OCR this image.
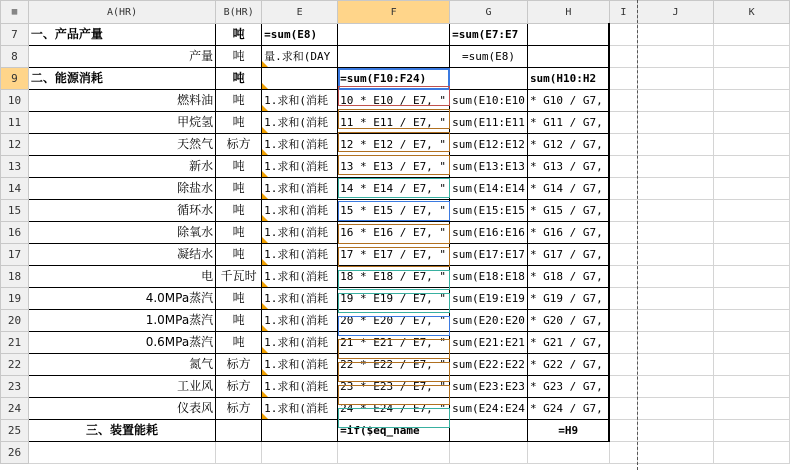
▦	A(HR)	B(HR)	E	F	G	H	I	J	K
7	一、产品产量	吨	=sum(E8)		=sum(E7:E7				
8	产量	吨	量.求和(DAY		=sum(E8)				
9	二、能源消耗	吨		=sum(F10:F24)		sum(H10:H2			
10	燃料油	吨	1.求和(消耗	10 * E10 / E7, "	sum(E10:E10	* G10 / G7,			
11	甲烷氢	吨	1.求和(消耗	11 * E11 / E7, "	sum(E11:E11	* G11 / G7,			
12	天然气	标方	1.求和(消耗	12 * E12 / E7, "	sum(E12:E12	* G12 / G7,			
13	新水	吨	1.求和(消耗	13 * E13 / E7, "	sum(E13:E13	* G13 / G7,			
14	除盐水	吨	1.求和(消耗	14 * E14 / E7, "	sum(E14:E14	* G14 / G7,			
15	循环水	吨	1.求和(消耗	15 * E15 / E7, "	sum(E15:E15	* G15 / G7,			
16	除氧水	吨	1.求和(消耗	16 * E16 / E7, "	sum(E16:E16	* G16 / G7,			
17	凝结水	吨	1.求和(消耗	17 * E17 / E7, "	sum(E17:E17	* G17 / G7,			
18	电	千瓦时	1.求和(消耗	18 * E18 / E7, "	sum(E18:E18	* G18 / G7,			
19	4.0MPa蒸汽	吨	1.求和(消耗	19 * E19 / E7, "	sum(E19:E19	* G19 / G7,			
20	1.0MPa蒸汽	吨	1.求和(消耗	20 * E20 / E7, "	sum(E20:E20	* G20 / G7,			
21	0.6MPa蒸汽	吨	1.求和(消耗	21 * E21 / E7, "	sum(E21:E21	* G21 / G7,			
22	氮气	标方	1.求和(消耗	22 * E22 / E7, "	sum(E22:E22	* G22 / G7,			
23	工业风	标方	1.求和(消耗	23 * E23 / E7, "	sum(E23:E23	* G23 / G7,			
24	仪表风	标方	1.求和(消耗	24 * E24 / E7, "	sum(E24:E24	* G24 / G7,			
25	三、装置能耗			=if($eq_name		=H9			
26									
